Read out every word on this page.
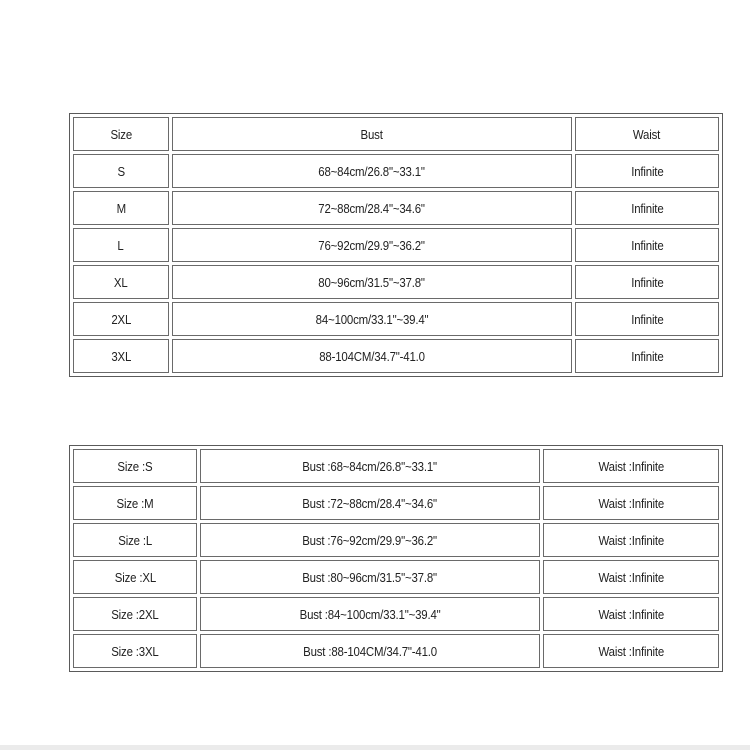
Size	Bust	Waist
S	68~84cm/26.8"~33.1"	Infinite
M	72~88cm/28.4"~34.6"	Infinite
L	76~92cm/29.9"~36.2"	Infinite
XL	80~96cm/31.5"~37.8"	Infinite
2XL	84~100cm/33.1"~39.4"	Infinite
3XL	88-104CM/34.7"-41.0	Infinite
Size :S	Bust :68~84cm/26.8"~33.1"	Waist :Infinite
Size :M	Bust :72~88cm/28.4"~34.6"	Waist :Infinite
Size :L	Bust :76~92cm/29.9"~36.2"	Waist :Infinite
Size :XL	Bust :80~96cm/31.5"~37.8"	Waist :Infinite
Size :2XL	Bust :84~100cm/33.1"~39.4"	Waist :Infinite
Size :3XL	Bust :88-104CM/34.7"-41.0	Waist :Infinite
